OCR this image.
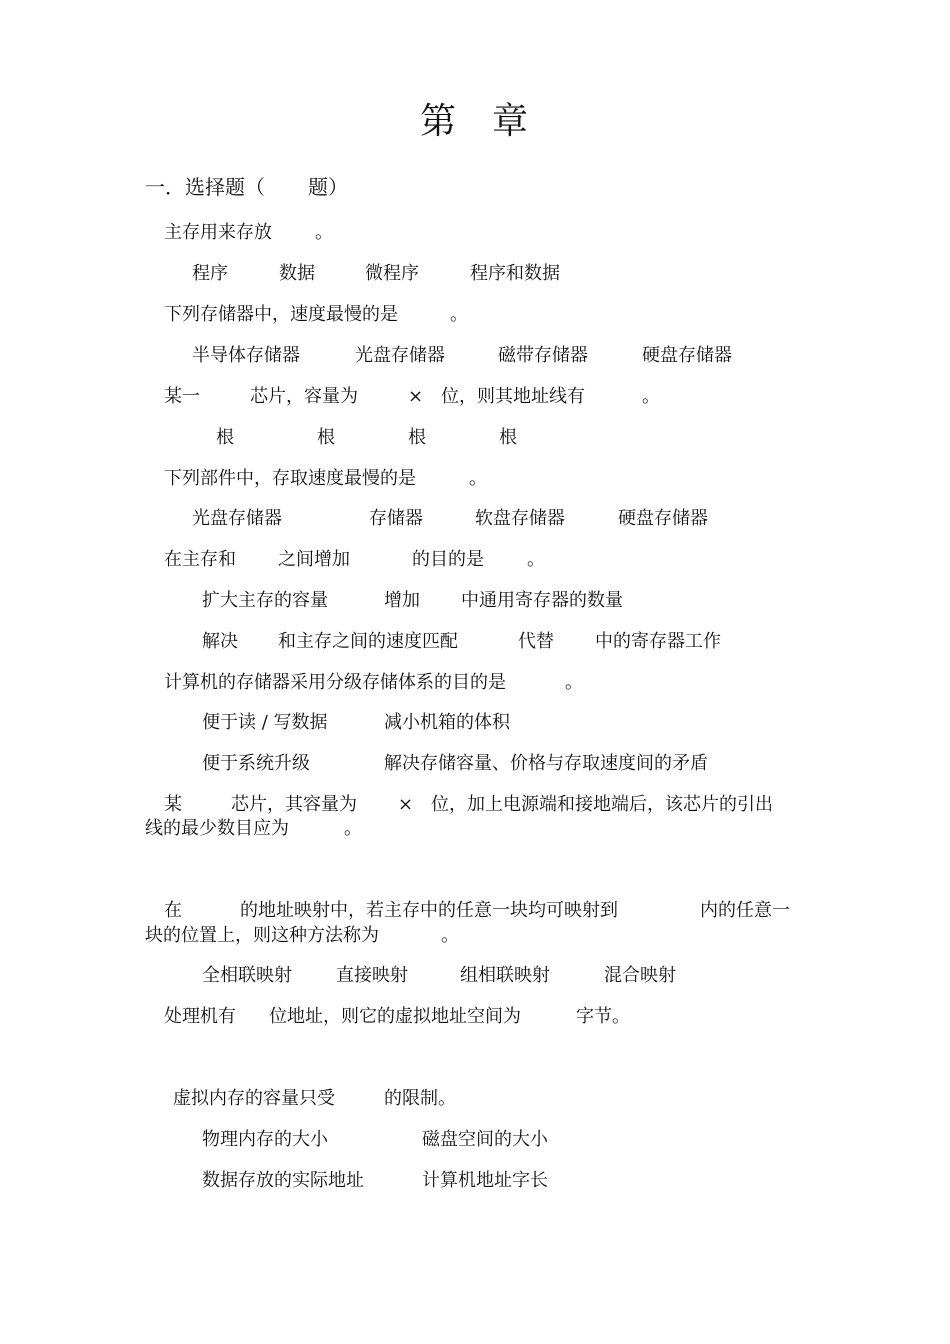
第 章
一．选择题（ 题）
主存用来存放 。
程序	数据	微程序	程序和数据
下列存储器中，速度最慢的是	。
半导体存储器	光盘存储器	磁带存储器	硬盘存储器
某一	芯片，容量为	× 位，则其地址线有	。
根	根	根	根
下列部件中，存取速度最慢的是	。
光盘存储器	存储器	软盘存储器	硬盘存储器
在主存和 之间增加	的目的是 。
扩大主存的容量	增加 中通用寄存器的数量
解决 和主存之间的速度匹配	代替 中的寄存器工作
计算机的存储器采用分级存储体系的目的是	。
便于读 / 写数据	减小机箱的体积
便于系统升级	解决存储容量、价格与存取速度间的矛盾
某	芯片，其容量为 × 位，加上电源端和接地端后，该芯片的引出
线的最少数目应为	。
在	的地址映射中，若主存中的任意一块均可映射到	内的任意一
块的位置上，则这种方法称为	。
全相联映射 直接映射	组相联映射	混合映射
处理机有 位地址，则它的虚拟地址空间为	字节。
虚拟内存的容量只受	的限制。
物理内存的大小	磁盘空间的大小
数据存放的实际地址	计算机地址字长
